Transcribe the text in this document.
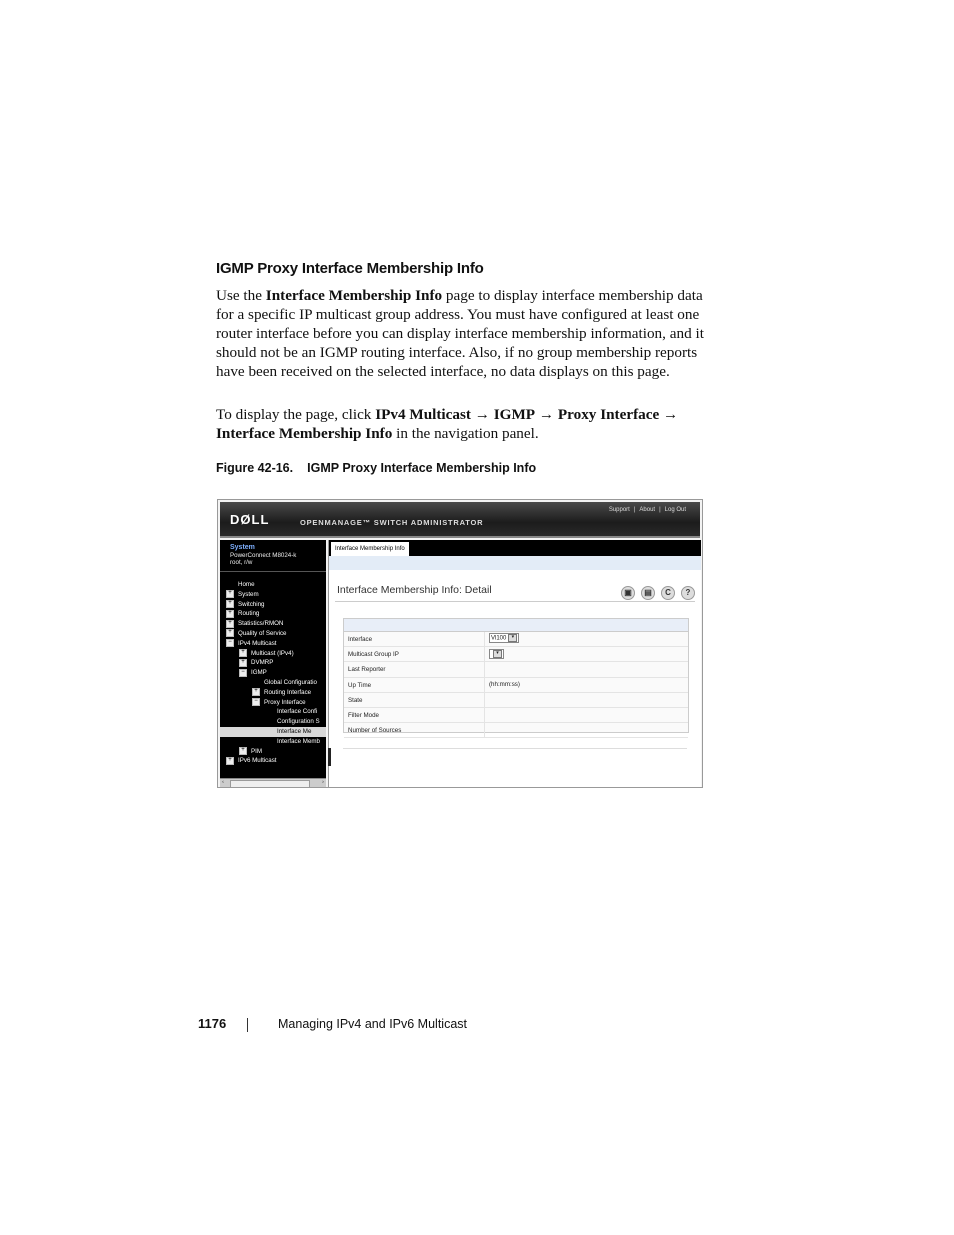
IGMP Proxy Interface Membership Info
Use the Interface Membership Info page to display interface membership data for a specific IP multicast group address. You must have configured at least one router interface before you can display interface membership information, and it should not be an IGMP routing interface. Also, if no group membership reports have been received on the selected interface, no data displays on this page.
To display the page, click IPv4 Multicast → IGMP → Proxy Interface → Interface Membership Info in the navigation panel.
Figure 42-16. IGMP Proxy Interface Membership Info
DØLL	OPENMANAGE™ SWITCH ADMINISTRATOR
Support | About | Log Out
System
PowerConnect M8024-k
root, r/w
Home
+ System
+ Switching
+ Routing
+ Statistics/RMON
+ Quality of Service
− IPv4 Multicast
+ Multicast (IPv4)
+ DVMRP
− IGMP
Global Configuratio
+ Routing Interface
− Proxy Interface
Interface Confi
Configuration S
Interface Me
Interface Memb
+ PIM
+ IPv6 Multicast
‹	›
Interface Membership Info
Interface Membership Info: Detail	▣ ▤ C ?
Interface	Vl100 ▾
Multicast Group IP	▾
Last Reporter
Up Time	(hh:mm:ss)
State
Filter Mode
Number of Sources
1176	Managing IPv4 and IPv6 Multicast
